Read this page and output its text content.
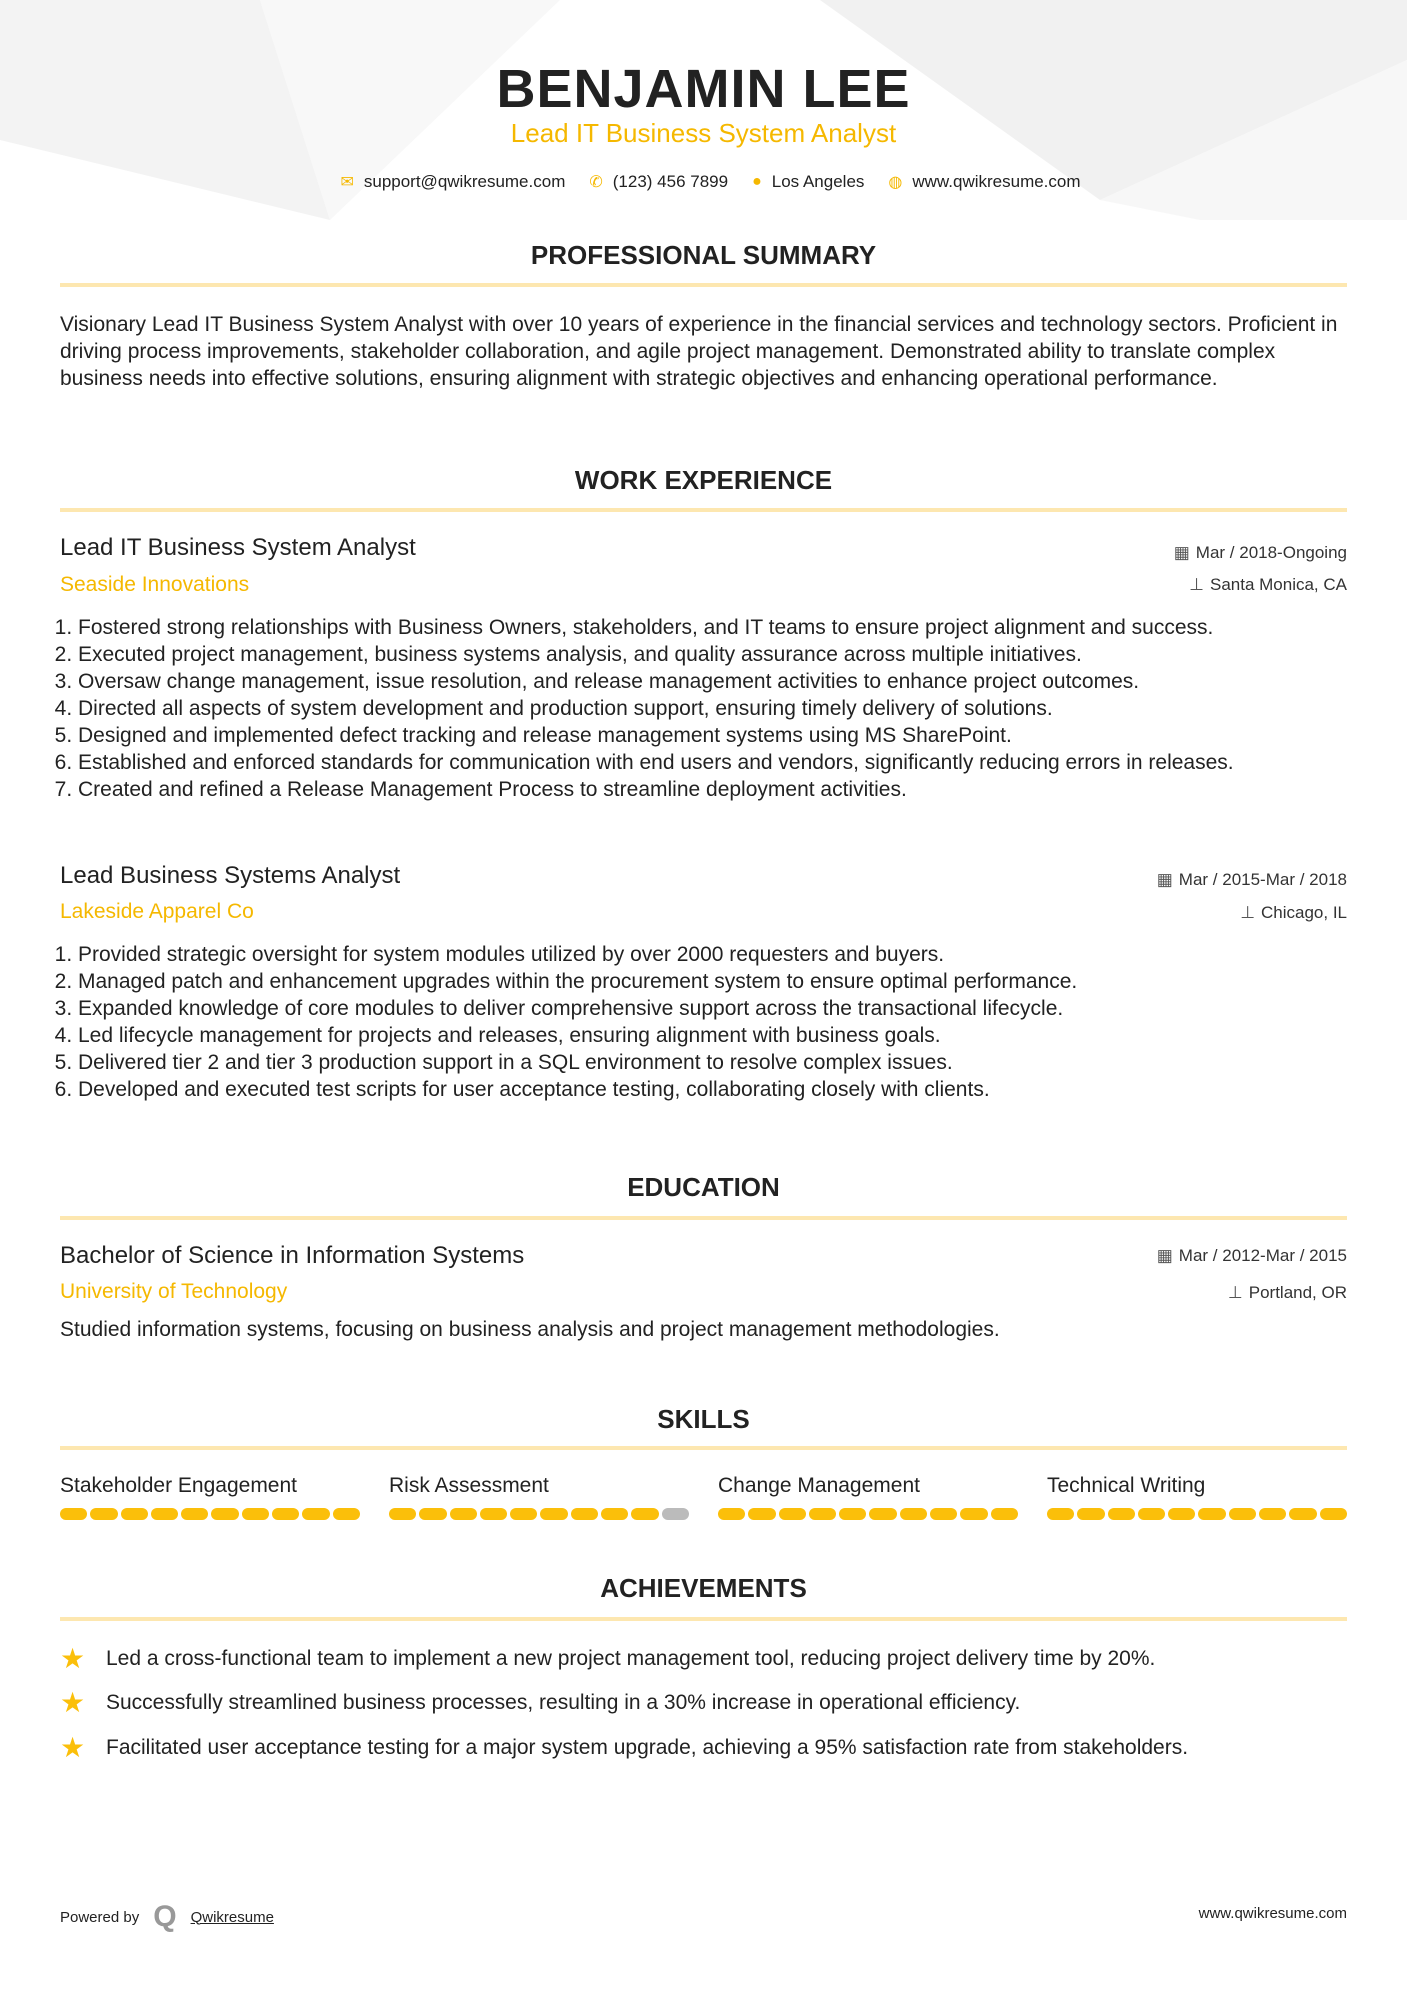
BENJAMIN LEE
Lead IT Business System Analyst
✉ support@qwikresume.com ✆ (123) 456 7899 ● Los Angeles ◍ www.qwikresume.com
PROFESSIONAL SUMMARY
Visionary Lead IT Business System Analyst with over 10 years of experience in the financial services and technology sectors. Proficient in driving process improvements, stakeholder collaboration, and agile project management. Demonstrated ability to translate complex business needs into effective solutions, ensuring alignment with strategic objectives and enhancing operational performance.
WORK EXPERIENCE
Lead IT Business System Analyst	▦ Mar / 2018-Ongoing
Seaside Innovations	⊥ Santa Monica, CA
1. Fostered strong relationships with Business Owners, stakeholders, and IT teams to ensure project alignment and success.
2. Executed project management, business systems analysis, and quality assurance across multiple initiatives.
3. Oversaw change management, issue resolution, and release management activities to enhance project outcomes.
4. Directed all aspects of system development and production support, ensuring timely delivery of solutions.
5. Designed and implemented defect tracking and release management systems using MS SharePoint.
6. Established and enforced standards for communication with end users and vendors, significantly reducing errors in releases.
7. Created and refined a Release Management Process to streamline deployment activities.
Lead Business Systems Analyst	▦ Mar / 2015-Mar / 2018
Lakeside Apparel Co	⊥ Chicago, IL
1. Provided strategic oversight for system modules utilized by over 2000 requesters and buyers.
2. Managed patch and enhancement upgrades within the procurement system to ensure optimal performance.
3. Expanded knowledge of core modules to deliver comprehensive support across the transactional lifecycle.
4. Led lifecycle management for projects and releases, ensuring alignment with business goals.
5. Delivered tier 2 and tier 3 production support in a SQL environment to resolve complex issues.
6. Developed and executed test scripts for user acceptance testing, collaborating closely with clients.
EDUCATION
Bachelor of Science in Information Systems	▦ Mar / 2012-Mar / 2015
University of Technology	⊥ Portland, OR
Studied information systems, focusing on business analysis and project management methodologies.
SKILLS
Stakeholder Engagement	Risk Assessment	Change Management	Technical Writing
ACHIEVEMENTS
★ Led a cross-functional team to implement a new project management tool, reducing project delivery time by 20%.
★ Successfully streamlined business processes, resulting in a 30% increase in operational efficiency.
★ Facilitated user acceptance testing for a major system upgrade, achieving a 95% satisfaction rate from stakeholders.
Powered by Q Qwikresume	www.qwikresume.com
